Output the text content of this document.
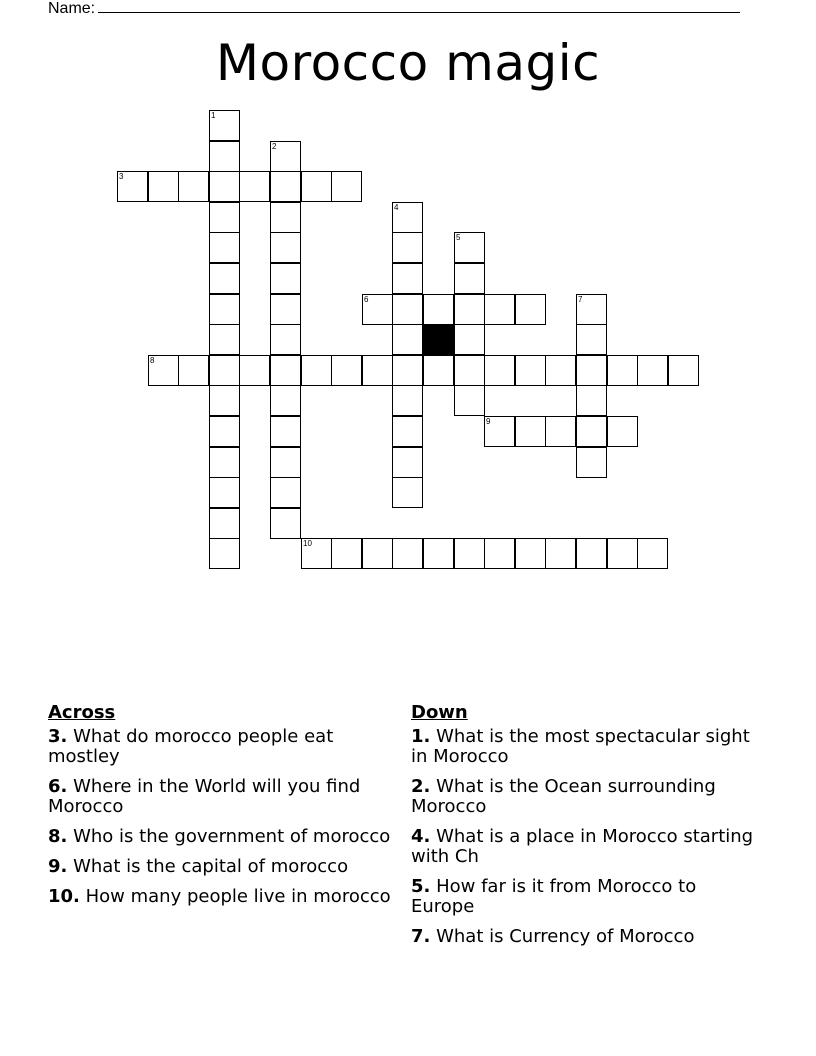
Name:
Morocco magic
1
2
3
4
5
6	7
8
9
10
Across
3. What do morocco people eat mostley
6. Where in the World will you find Morocco
8. Who is the government of morocco
9. What is the capital of morocco
10. How many people live in morocco
Down
1. What is the most spectacular sight in Morocco
2. What is the Ocean surrounding Morocco
4. What is a place in Morocco starting with Ch
5. How far is it from Morocco to Europe
7. What is Currency of Morocco
